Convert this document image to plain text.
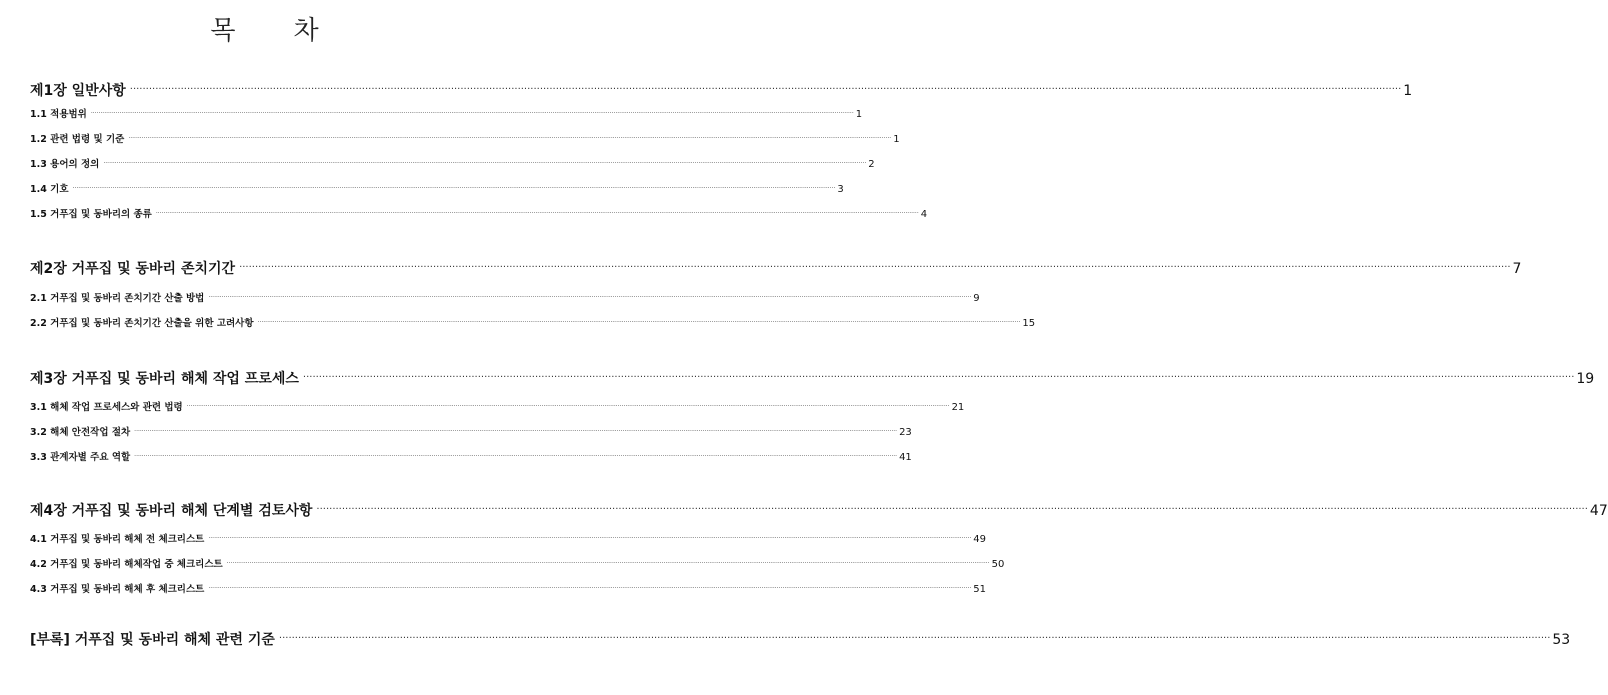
목 차
제1장 일반사항 ················································································································································································································································································································································································································ 1
1.1 적용범위 ················································································································································································································································································································································································································ 1
1.2 관련 법령 및 기준 ················································································································································································································································································································································································································ 1
1.3 용어의 정의 ················································································································································································································································································································································································································ 2
1.4 기호 ················································································································································································································································································································································································································ 3
1.5 거푸집 및 동바리의 종류 ················································································································································································································································································································································································································ 4
제2장 거푸집 및 동바리 존치기간 ················································································································································································································································································································································································································ 7
2.1 거푸집 및 동바리 존치기간 산출 방법 ················································································································································································································································································································································································································ 9
2.2 거푸집 및 동바리 존치기간 산출을 위한 고려사항 ················································································································································································································································································································································································································ 15
제3장 거푸집 및 동바리 해체 작업 프로세스 ················································································································································································································································································································································································································ 19
3.1 해체 작업 프로세스와 관련 법령 ················································································································································································································································································································································································································ 21
3.2 해체 안전작업 절차 ················································································································································································································································································································································································································ 23
3.3 관계자별 주요 역할 ················································································································································································································································································································································································································ 41
제4장 거푸집 및 동바리 해체 단계별 검토사항 ················································································································································································································································································································································································································ 47
4.1 거푸집 및 동바리 해체 전 체크리스트 ················································································································································································································································································································································································································ 49
4.2 거푸집 및 동바리 해체작업 중 체크리스트 ················································································································································································································································································································································································································ 50
4.3 거푸집 및 동바리 해체 후 체크리스트 ················································································································································································································································································································································································································ 51
[부록] 거푸집 및 동바리 해체 관련 기준 ················································································································································································································································································································································································································ 53
